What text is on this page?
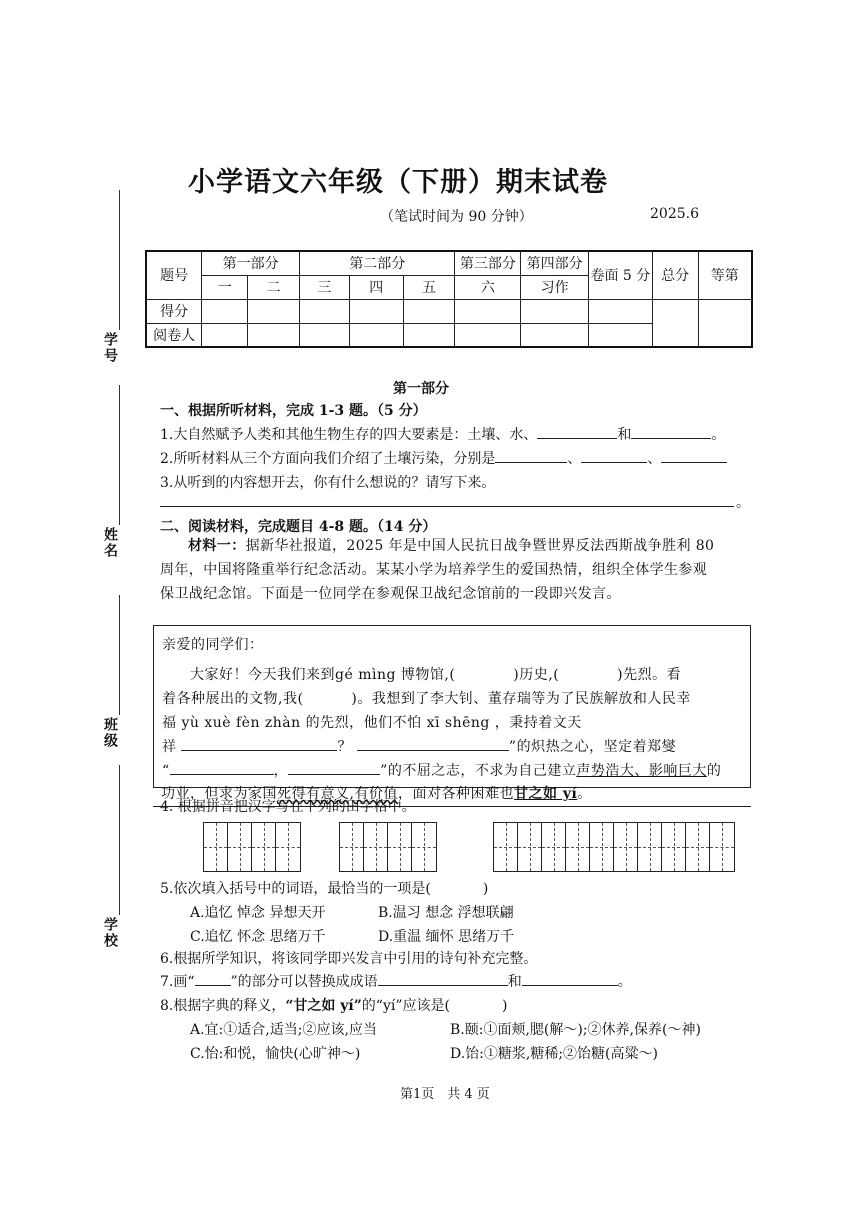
小学语文六年级（下册）期末试卷
（笔试时间为 90 分钟）	2025.6
学号
姓名
班级
学校
题号	第一部分		第二部分			第三部分	第四部分	卷面 5 分	总分	等第
	一	二	三	四	五	六	习作			
得分										
阅卷人										
第一部分
一、根据所听材料，完成 1-3 题。（5 分）
1.大自然赋予人类和其他生物生存的四大要素是：土壤、水、	和	。
2.所听材料从三个方面向我们介绍了土壤污染，分别是	、	、
3.从听到的内容想开去，你有什么想说的？请写下来。
。
二、阅读材料，完成题目 4-8 题。（14 分）
材料一：据新华社报道，2025 年是中国人民抗日战争暨世界反法西斯战争胜利 80
周年，中国将隆重举行纪念活动。某某小学为培养学生的爱国热情，组织全体学生参观
保卫战纪念馆。下面是一位同学在参观保卫战纪念馆前的一段即兴发言。
亲爱的同学们：
大家好！今天我们来到gé mìng 博物馆,(	)历史,(	)先烈。看
着各种展出的文物,我(	)。我想到了李大钊、董存瑞等为了民族解放和人民幸
福 yù xuè fèn zhàn 的先烈，他们不怕 xī shēng ，秉持着文天
祥	？	”的炽热之心，坚定着郑燮
“	，	”的不屈之志，不求为自己建立声势浩大、影响巨大的
功业，但求为家国死得有意义,有价值，面对各种困难也甘之如 yí。
4. 根据拼音把汉字写在下列的田字格中。
5.依次填入括号中的词语，最恰当的一项是(	)
A.追忆 悼念 异想天开	B.温习 想念 浮想联翩
C.追忆 怀念 思绪万千	D.重温 缅怀 思绪万千
6.根据所学知识，将该同学即兴发言中引用的诗句补充完整。
7.画“	”的部分可以替换成成语	和	。
8.根据字典的释义，“甘之如 yí”的“yí”应该是(	)
A.宜:①适合,适当;②应该,应当	B.颐:①面颊,腮(解～);②休养,保养(～神)
C.怡:和悦，愉快(心旷神～)	D.饴:①糖浆,糖稀;②饴糖(高粱～)
第1页　共 4 页
